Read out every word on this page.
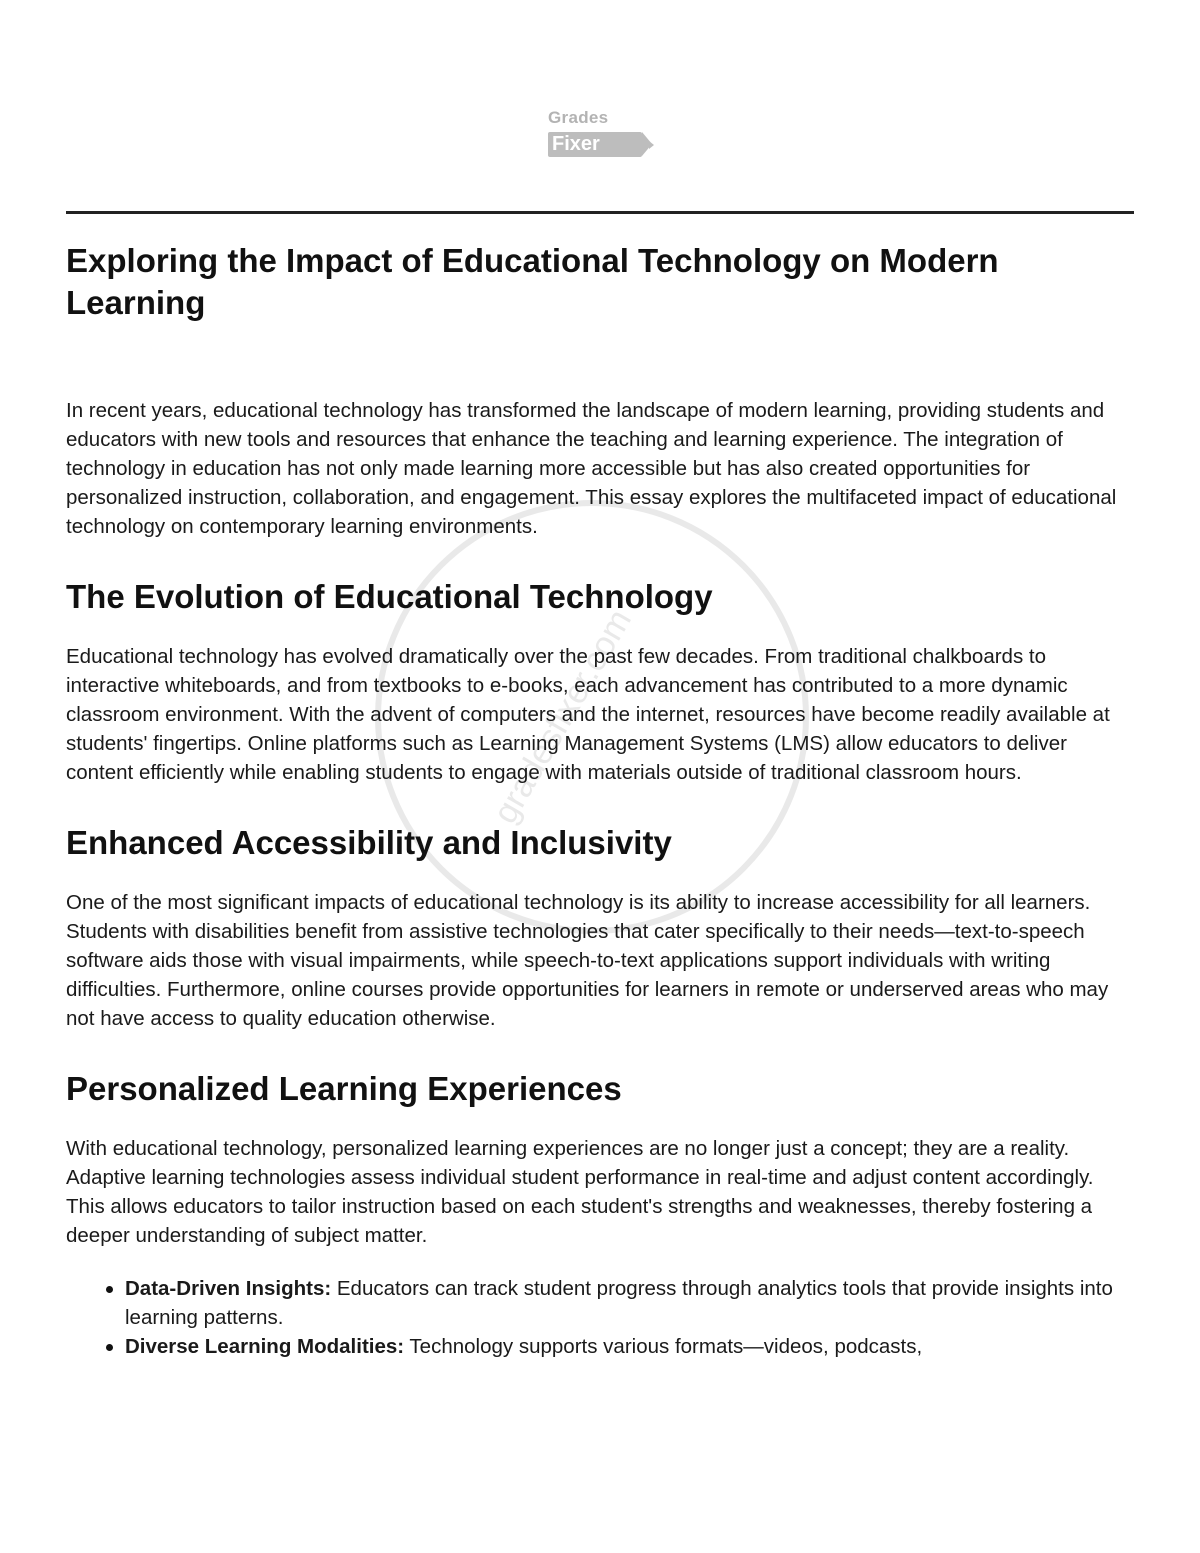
Grades
Fixer
gradesfixer.com
Exploring the Impact of Educational Technology on Modern Learning

In recent years, educational technology has transformed the landscape of modern learning, providing students and educators with new tools and resources that enhance the teaching and learning experience. The integration of technology in education has not only made learning more accessible but has also created opportunities for personalized instruction, collaboration, and engagement. This essay explores the multifaceted impact of educational technology on contemporary learning environments.

The Evolution of Educational Technology

Educational technology has evolved dramatically over the past few decades. From traditional chalkboards to interactive whiteboards, and from textbooks to e-books, each advancement has contributed to a more dynamic classroom environment. With the advent of computers and the internet, resources have become readily available at students' fingertips. Online platforms such as Learning Management Systems (LMS) allow educators to deliver content efficiently while enabling students to engage with materials outside of traditional classroom hours.

Enhanced Accessibility and Inclusivity

One of the most significant impacts of educational technology is its ability to increase accessibility for all learners. Students with disabilities benefit from assistive technologies that cater specifically to their needs—text-to-speech software aids those with visual impairments, while speech-to-text applications support individuals with writing difficulties. Furthermore, online courses provide opportunities for learners in remote or underserved areas who may not have access to quality education otherwise.

Personalized Learning Experiences

With educational technology, personalized learning experiences are no longer just a concept; they are a reality. Adaptive learning technologies assess individual student performance in real-time and adjust content accordingly. This allows educators to tailor instruction based on each student's strengths and weaknesses, thereby fostering a deeper understanding of subject matter.

Data-Driven Insights: Educators can track student progress through analytics tools that provide insights into learning patterns.
Diverse Learning Modalities: Technology supports various formats—videos, podcasts,
